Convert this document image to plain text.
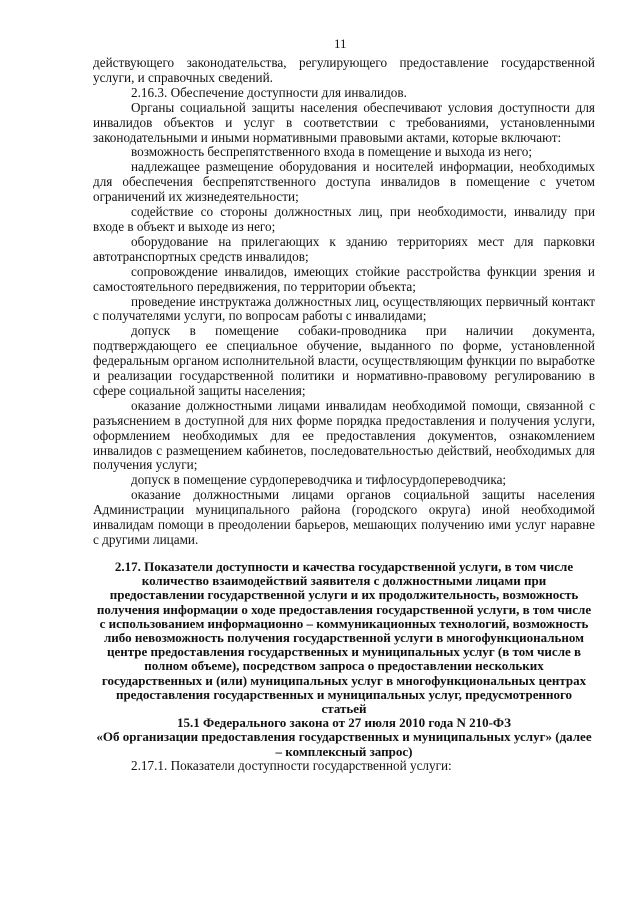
11

действующего законодательства, регулирующего предоставление государственной услуги, и справочных сведений.

2.16.3. Обеспечение доступности для инвалидов.

Органы социальной защиты населения обеспечивают условия доступности для инвалидов объектов и услуг в соответствии с требованиями, установленными законодательными и иными нормативными правовыми актами, которые включают:

возможность беспрепятственного входа в помещение и выхода из него;

надлежащее размещение оборудования и носителей информации, необходимых для обеспечения беспрепятственного доступа инвалидов в помещение с учетом ограничений их жизнедеятельности;

содействие со стороны должностных лиц, при необходимости, инвалиду при входе в объект и выходе из него;

оборудование на прилегающих к зданию территориях мест для парковки автотранспортных средств инвалидов;

сопровождение инвалидов, имеющих стойкие расстройства функции зрения и самостоятельного передвижения, по территории объекта;

проведение инструктажа должностных лиц, осуществляющих первичный контакт с получателями услуги, по вопросам работы с инвалидами;

допуск в помещение собаки-проводника при наличии документа, подтверждающего ее специальное обучение, выданного по форме, установленной федеральным органом исполнительной власти, осуществляющим функции по выработке и реализации государственной политики и нормативно-правовому регулированию в сфере социальной защиты населения;

оказание должностными лицами инвалидам необходимой помощи, связанной с разъяснением в доступной для них форме порядка предоставления и получения услуги, оформлением необходимых для ее предоставления документов, ознакомлением инвалидов с размещением кабинетов, последовательностью действий, необходимых для получения услуги;

допуск в помещение сурдопереводчика и тифлосурдопереводчика;

оказание должностными лицами органов социальной защиты населения Администрации муниципального района (городского округа) иной необходимой инвалидам помощи в преодолении барьеров, мешающих получению ими услуг наравне с другими лицами.

2.17. Показатели доступности и качества государственной услуги, в том числе количество взаимодействий заявителя с должностными лицами при предоставлении государственной услуги и их продолжительность, возможность получения информации о ходе предоставления государственной услуги, в том числе с использованием информационно – коммуникационных технологий, возможность либо невозможность получения государственной услуги в многофункциональном центре предоставления государственных и муниципальных услуг (в том числе в полном объеме), посредством запроса о предоставлении нескольких государственных и (или) муниципальных услуг в многофункциональных центрах предоставления государственных и муниципальных услуг, предусмотренного статьей

15.1 Федерального закона от 27 июля 2010 года N 210-ФЗ

«Об организации предоставления государственных и муниципальных услуг» (далее – комплексный запрос)

2.17.1. Показатели доступности государственной услуги:
